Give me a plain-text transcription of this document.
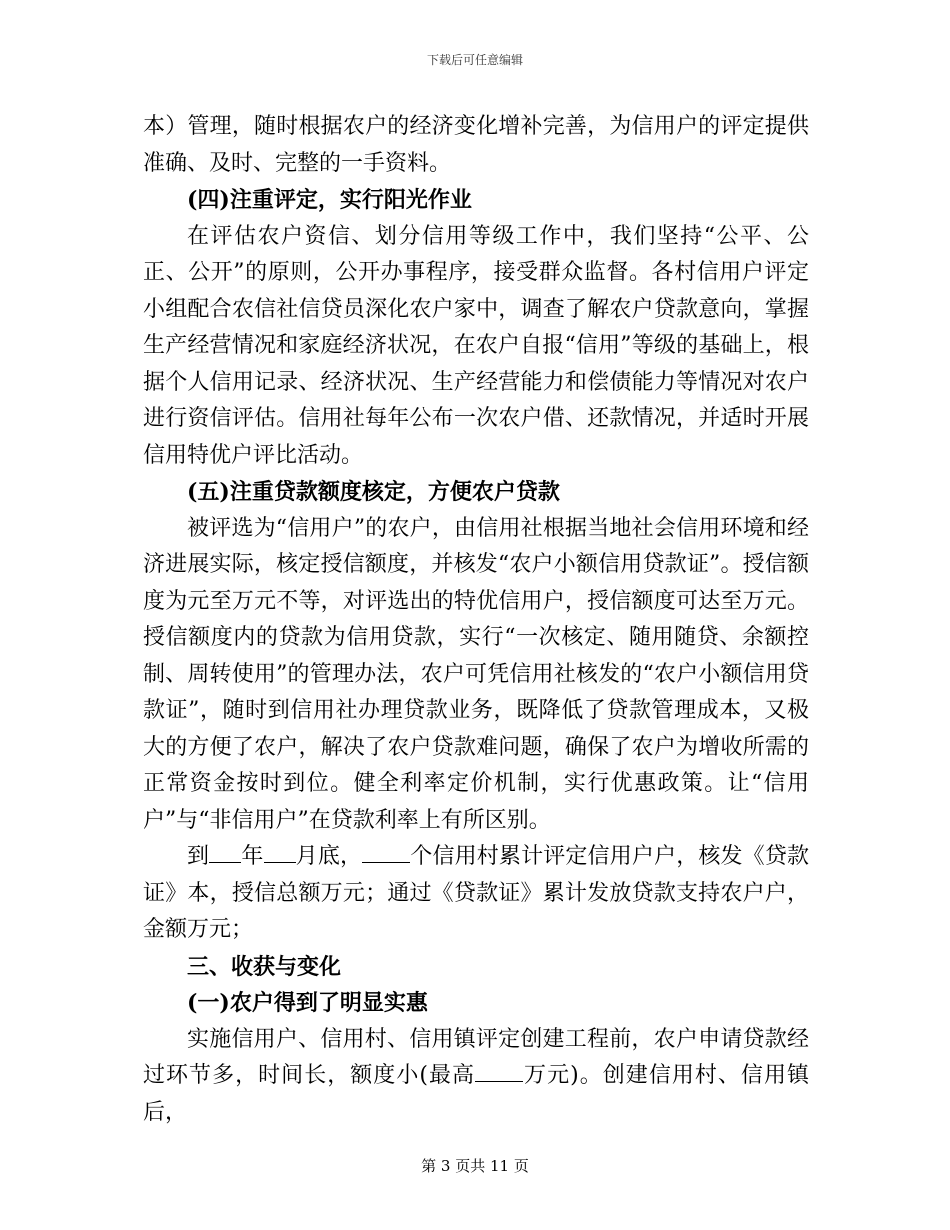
下载后可任意编辑

本）管理，随时根据农户的经济变化增补完善，为信用户的评定提供准确、及时、完整的一手资料。

(四)注重评定，实行阳光作业

在评估农户资信、划分信用等级工作中，我们坚持“公平、公正、公开”的原则，公开办事程序，接受群众监督。各村信用户评定小组配合农信社信贷员深化农户家中，调查了解农户贷款意向，掌握生产经营情况和家庭经济状况，在农户自报“信用”等级的基础上，根据个人信用记录、经济状况、生产经营能力和偿债能力等情况对农户进行资信评估。信用社每年公布一次农户借、还款情况，并适时开展信用特优户评比活动。

(五)注重贷款额度核定，方便农户贷款

被评选为“信用户”的农户，由信用社根据当地社会信用环境和经济进展实际，核定授信额度，并核发“农户小额信用贷款证”。授信额度为元至万元不等，对评选出的特优信用户，授信额度可达至万元。授信额度内的贷款为信用贷款，实行“一次核定、随用随贷、余额控制、周转使用”的管理办法，农户可凭信用社核发的“农户小额信用贷款证”，随时到信用社办理贷款业务，既降低了贷款管理成本，又极大的方便了农户，解决了农户贷款难问题，确保了农户为增收所需的正常资金按时到位。健全利率定价机制，实行优惠政策。让“信用户”与“非信用户”在贷款利率上有所区别。

到 年 月底， 个信用村累计评定信用户户，核发《贷款证》本，授信总额万元；通过《贷款证》累计发放贷款支持农户户，金额万元；

三、收获与变化

(一)农户得到了明显实惠

实施信用户、信用村、信用镇评定创建工程前，农户申请贷款经过环节多，时间长，额度小(最高 万元)。创建信用村、信用镇后，

第 3 页共 11 页
